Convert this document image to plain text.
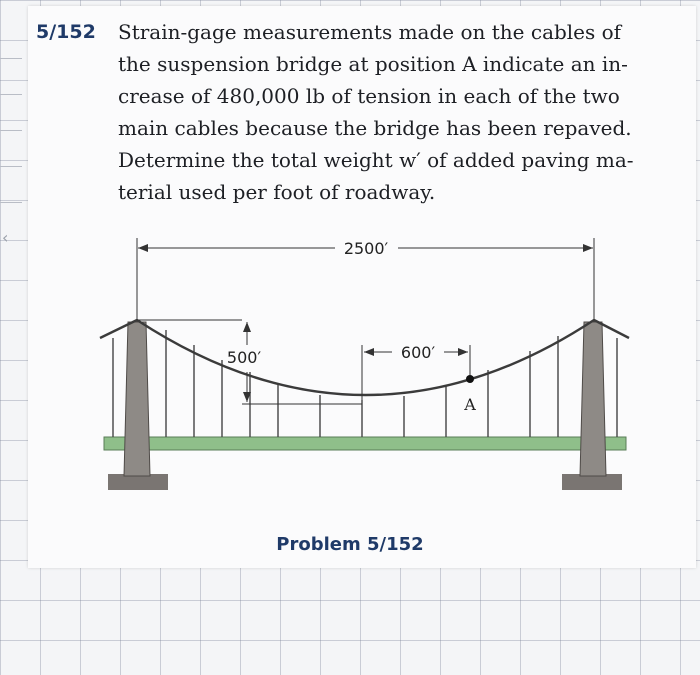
‹
5/152 Strain-gage measurements made on the cables of
the suspension bridge at position A indicate an in-
crease of 480,000 lb of tension in each of the two
main cables because the bridge has been repaved.
Determine the total weight w′ of added paving ma-
terial used per foot of roadway.
2500′
500′	600′
A
Problem 5/152
